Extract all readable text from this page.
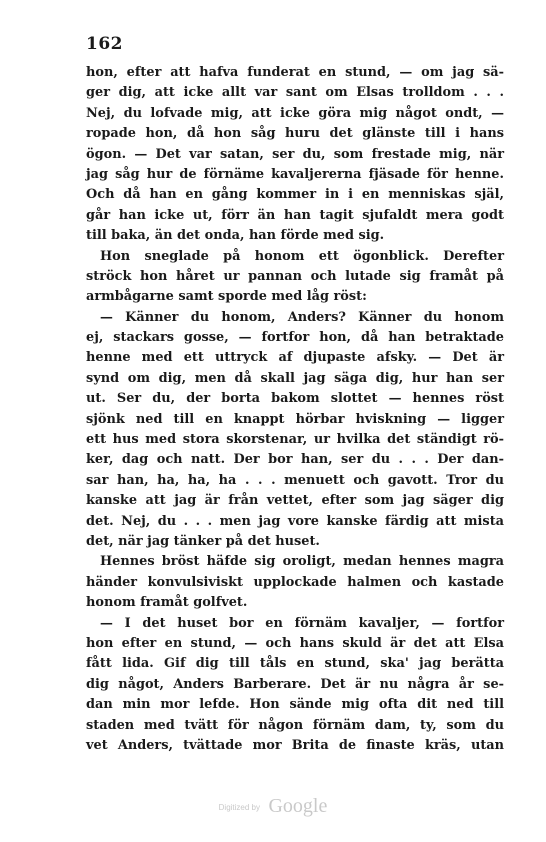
162
hon, efter att hafva funderat en stund, — om jag sä-
ger dig, att icke allt var sant om Elsas trolldom . . .
Nej, du lofvade mig, att icke göra mig något ondt, —
ropade hon, då hon såg huru det glänste till i hans
ögon. — Det var satan, ser du, som frestade mig, när
jag såg hur de förnäme kavaljererna fjäsade för henne.
Och då han en gång kommer in i en menniskas själ,
går han icke ut, förr än han tagit sjufaldt mera godt
till baka, än det onda, han förde med sig.
Hon sneglade på honom ett ögonblick. Derefter
ströck hon håret ur pannan och lutade sig framåt på
armbågarne samt sporde med låg röst:
— Känner du honom, Anders? Känner du honom
ej, stackars gosse, — fortfor hon, då han betraktade
henne med ett uttryck af djupaste afsky. — Det är
synd om dig, men då skall jag säga dig, hur han ser
ut. Ser du, der borta bakom slottet — hennes röst
sjönk ned till en knappt hörbar hviskning — ligger
ett hus med stora skorstenar, ur hvilka det ständigt rö-
ker, dag och natt. Der bor han, ser du . . . Der dan-
sar han, ha, ha, ha . . . menuett och gavott. Tror du
kanske att jag är från vettet, efter som jag säger dig
det. Nej, du . . . men jag vore kanske färdig att mista
det, när jag tänker på det huset.
Hennes bröst häfde sig oroligt, medan hennes magra
händer konvulsiviskt upplockade halmen och kastade
honom framåt golfvet.
— I det huset bor en förnäm kavaljer, — fortfor
hon efter en stund, — och hans skuld är det att Elsa
fått lida. Gif dig till tåls en stund, ska' jag berätta
dig något, Anders Barberare. Det är nu några år se-
dan min mor lefde. Hon sände mig ofta dit ned till
staden med tvätt för någon förnäm dam, ty, som du
vet Anders, tvättade mor Brita de finaste kräs, utan
Digitized by Google
